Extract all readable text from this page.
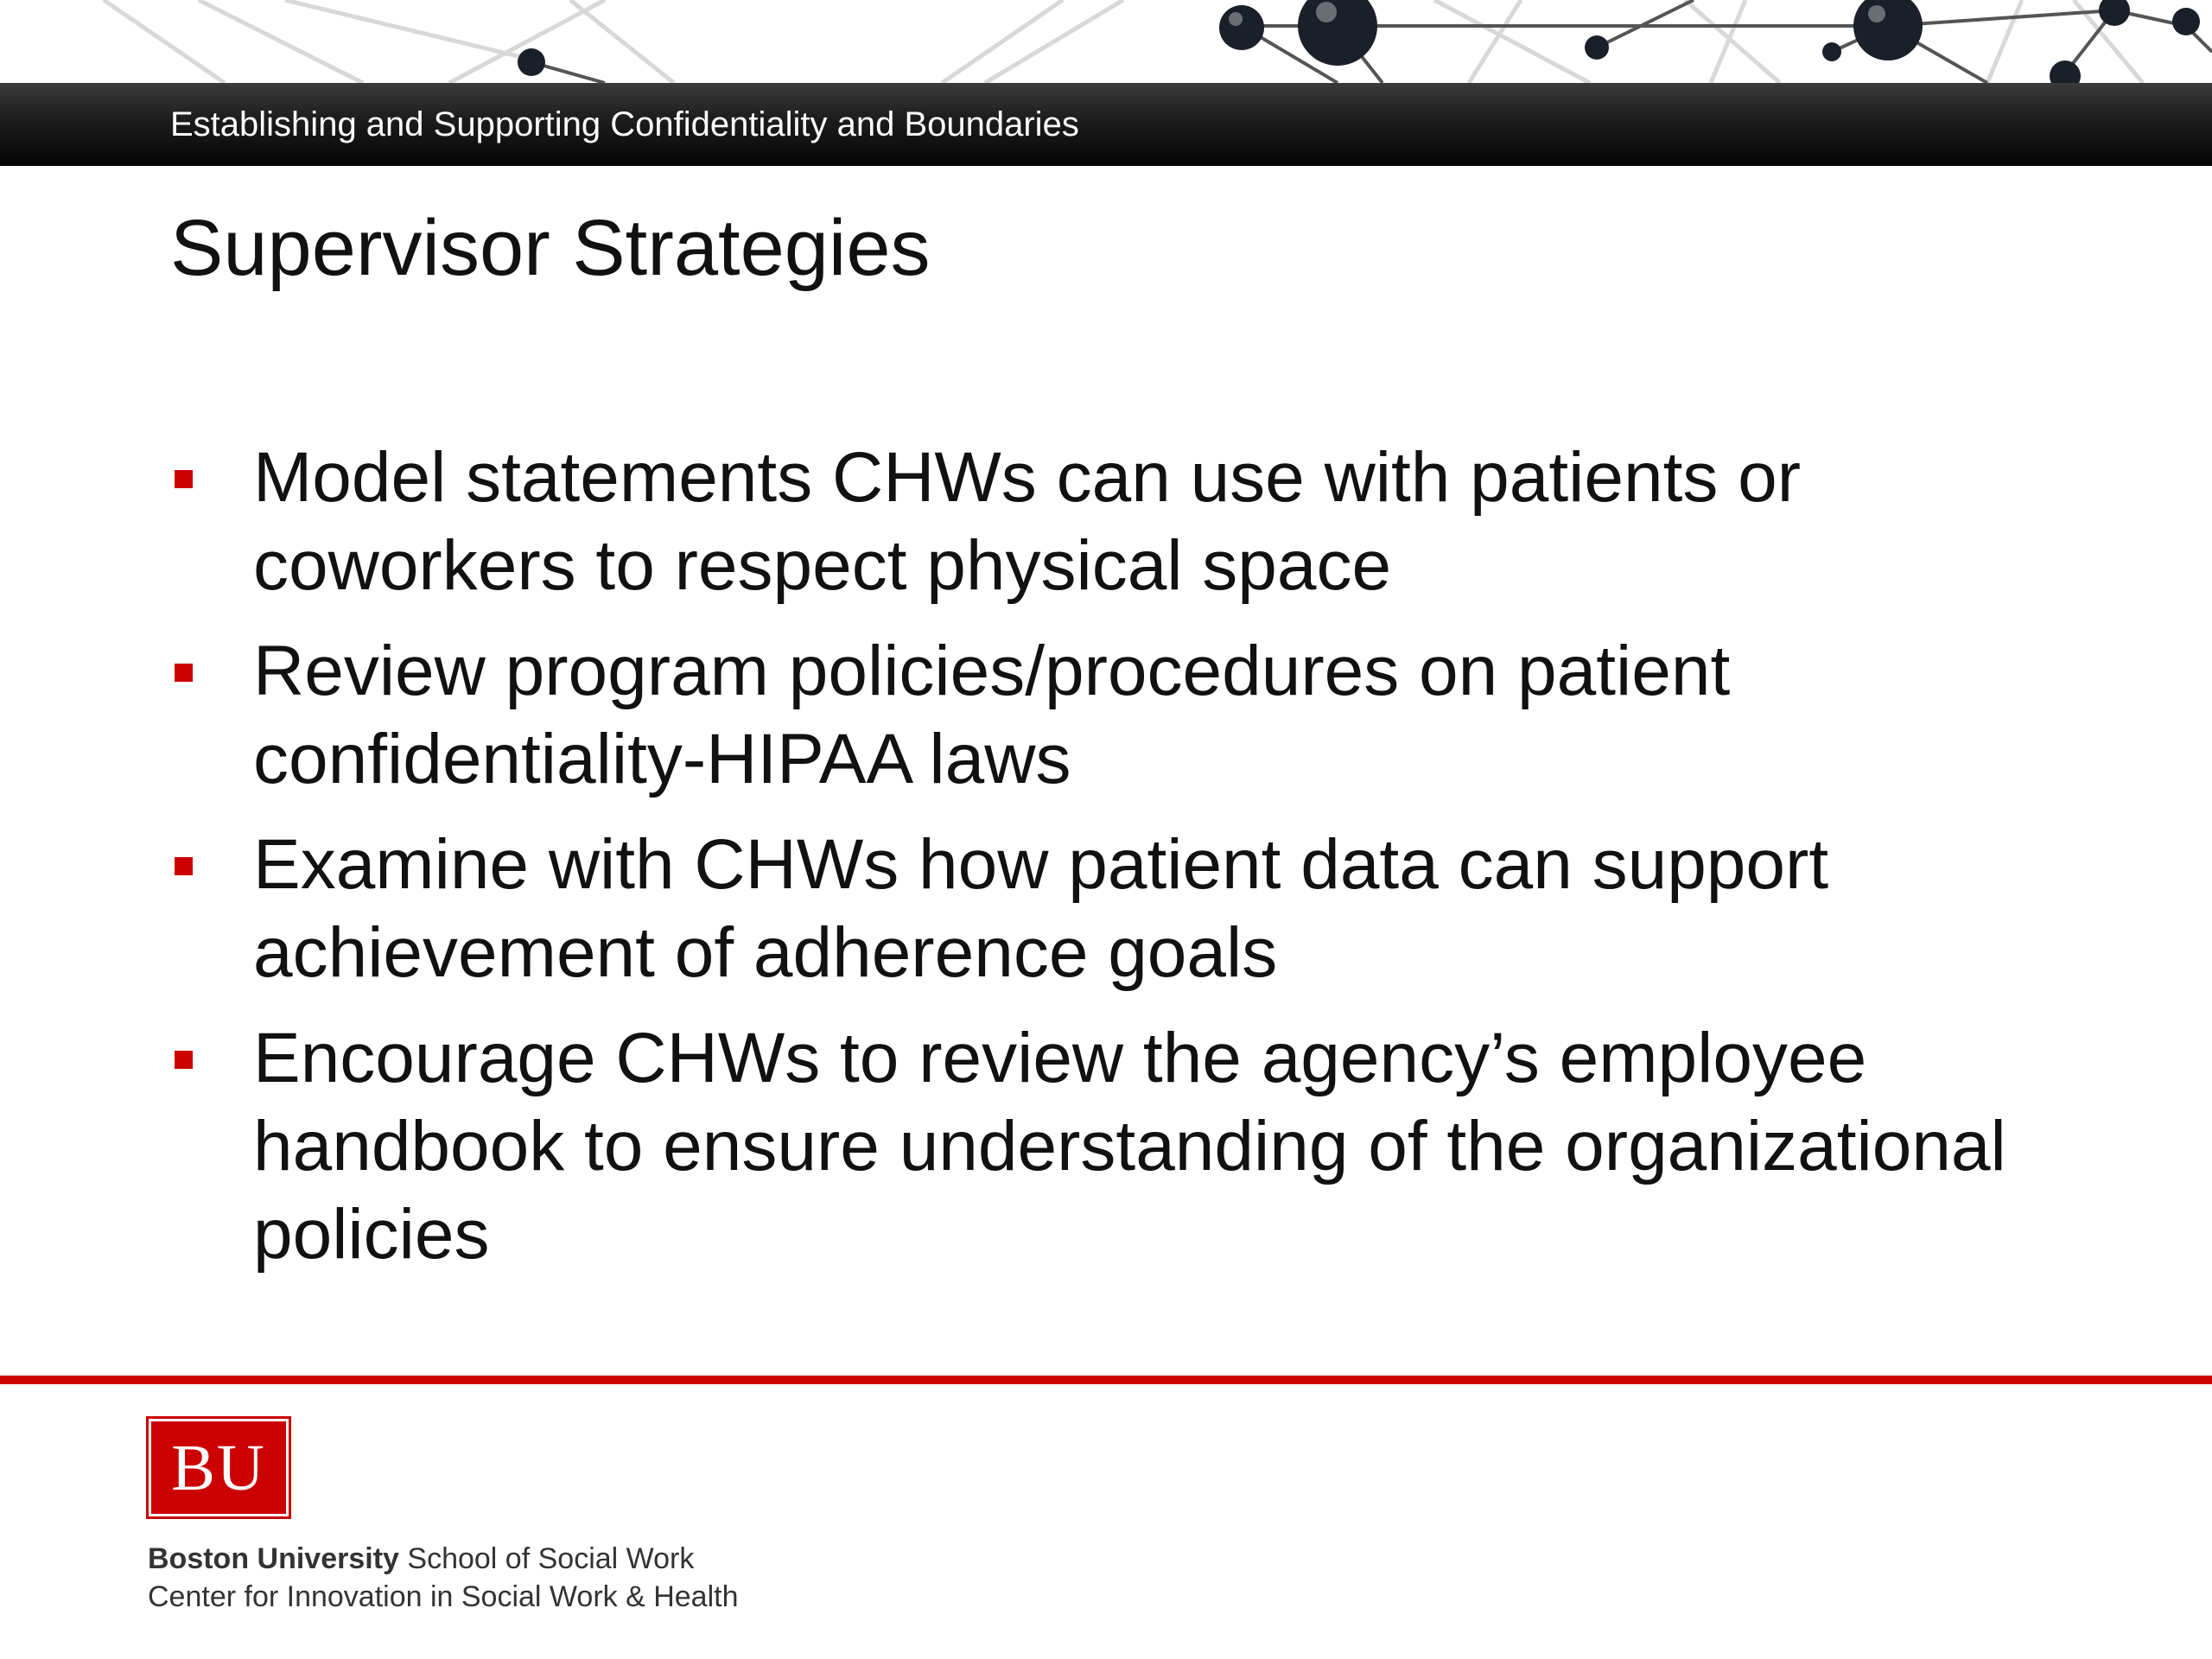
Establishing and Supporting Confidentiality and Boundaries
Supervisor Strategies
Model statements CHWs can use with patients or coworkers to respect physical space
Review program policies/procedures on patient confidentiality-HIPAA laws
Examine with CHWs how patient data can support achievement of adherence goals
Encourage CHWs to review the agency’s employee handbook to ensure understanding of the organizational policies
BU
Boston University School of Social Work
Center for Innovation in Social Work & Health
